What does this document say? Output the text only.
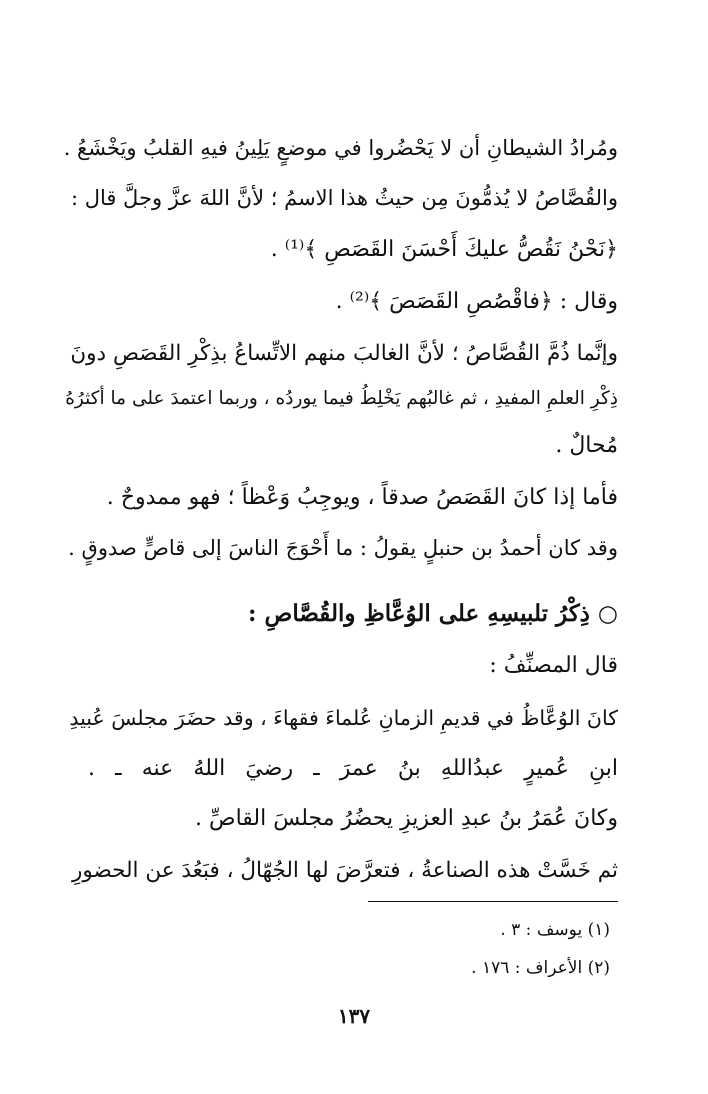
ومُرادُ الشيطانِ أن لا يَحْضُروا في موضعٍ يَلِينُ فيهِ القلبُ ويَخْشَعُ .
والقُصَّاصُ لا يُذمُّونَ مِن حيثُ هذا الاسمُ ؛ لأنَّ اللهَ عزَّ وجلَّ قال :
﴿نَحْنُ نَقُصُّ عليكَ أَحْسَنَ القَصَصِ ﴾⁽¹⁾ .
وقال : ﴿فاقْصُصِ القَصَصَ ﴾⁽²⁾ .
وإنَّما ذُمَّ القُصَّاصُ ؛ لأنَّ الغالبَ منهم الاتِّساعُ بذِكْرِ القَصَصِ دونَ
ذِكْرِ العلمِ المفيدِ ، ثم غالبُهم يَخْلِطُ فيما يوردُه ، وربما اعتمدَ على ما أكثرُهُ
مُحالٌ .
فأما إذا كانَ القَصَصُ صدقاً ، ويوجِبُ وَعْظاً ؛ فهو ممدوحٌ .
وقد كان أحمدُ بن حنبلٍ يقولُ : ما أَحْوَجَ الناسَ إلى قاصٍّ صدوقٍ .
○ ذِكْرُ تلبيسِهِ على الوُعَّاظِ والقُصَّاصِ :
قال المصنِّفُ :
كانَ الوُعَّاظُ في قديمِ الزمانِ عُلماءَ فقهاءَ ، وقد حضَرَ مجلسَ عُبيدِ
ابنِ عُميرٍ عبدُاللهِ بنُ عمرَ ـ رضيَ اللهُ عنه ـ .
وكانَ عُمَرُ بنُ عبدِ العزيزِ يحضُرُ مجلسَ القاصِّ .
ثم خَسَّتْ هذه الصناعةُ ، فتعرَّضَ لها الجُهّالُ ، فبَعُدَ عن الحضورِ
(١) يوسف : ٣ .
(٢) الأعراف : ١٧٦ .
١٣٧
